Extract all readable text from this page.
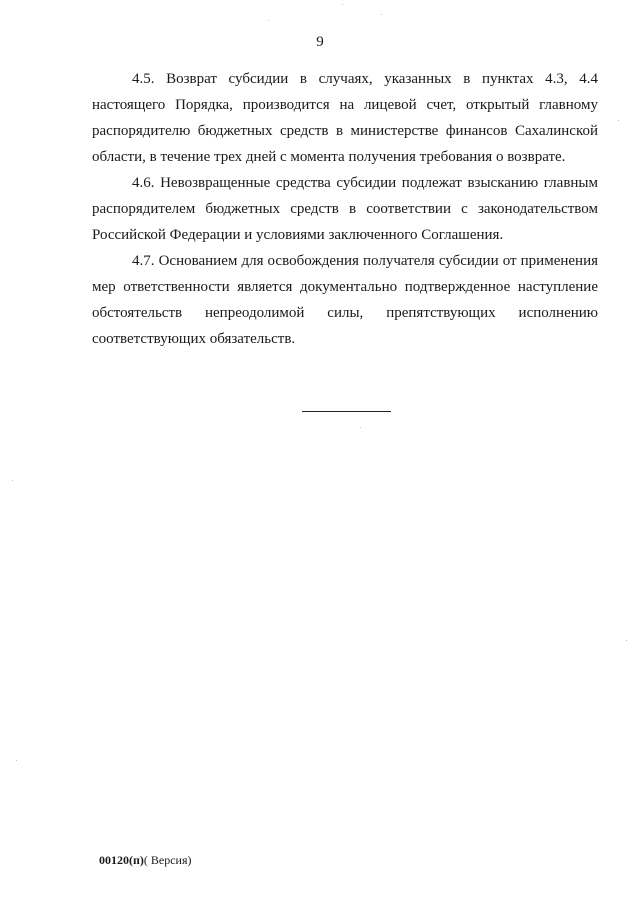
9

4.5. Возврат субсидии в случаях, указанных в пунктах 4.3, 4.4 настоящего Порядка, производится на лицевой счет, открытый главному распорядителю бюджетных средств в министерстве финансов Сахалинской области, в течение трех дней с момента получения требования о возврате.

4.6. Невозвращенные средства субсидии подлежат взысканию главным распорядителем бюджетных средств в соответствии с законодательством Российской Федерации и условиями заключенного Соглашения.

4.7. Основанием для освобождения получателя субсидии от применения мер ответственности является документально подтвержденное наступление обстоятельств непреодолимой силы, препятствующих исполнению соответствующих обязательств.

00120(п)( Версия)
